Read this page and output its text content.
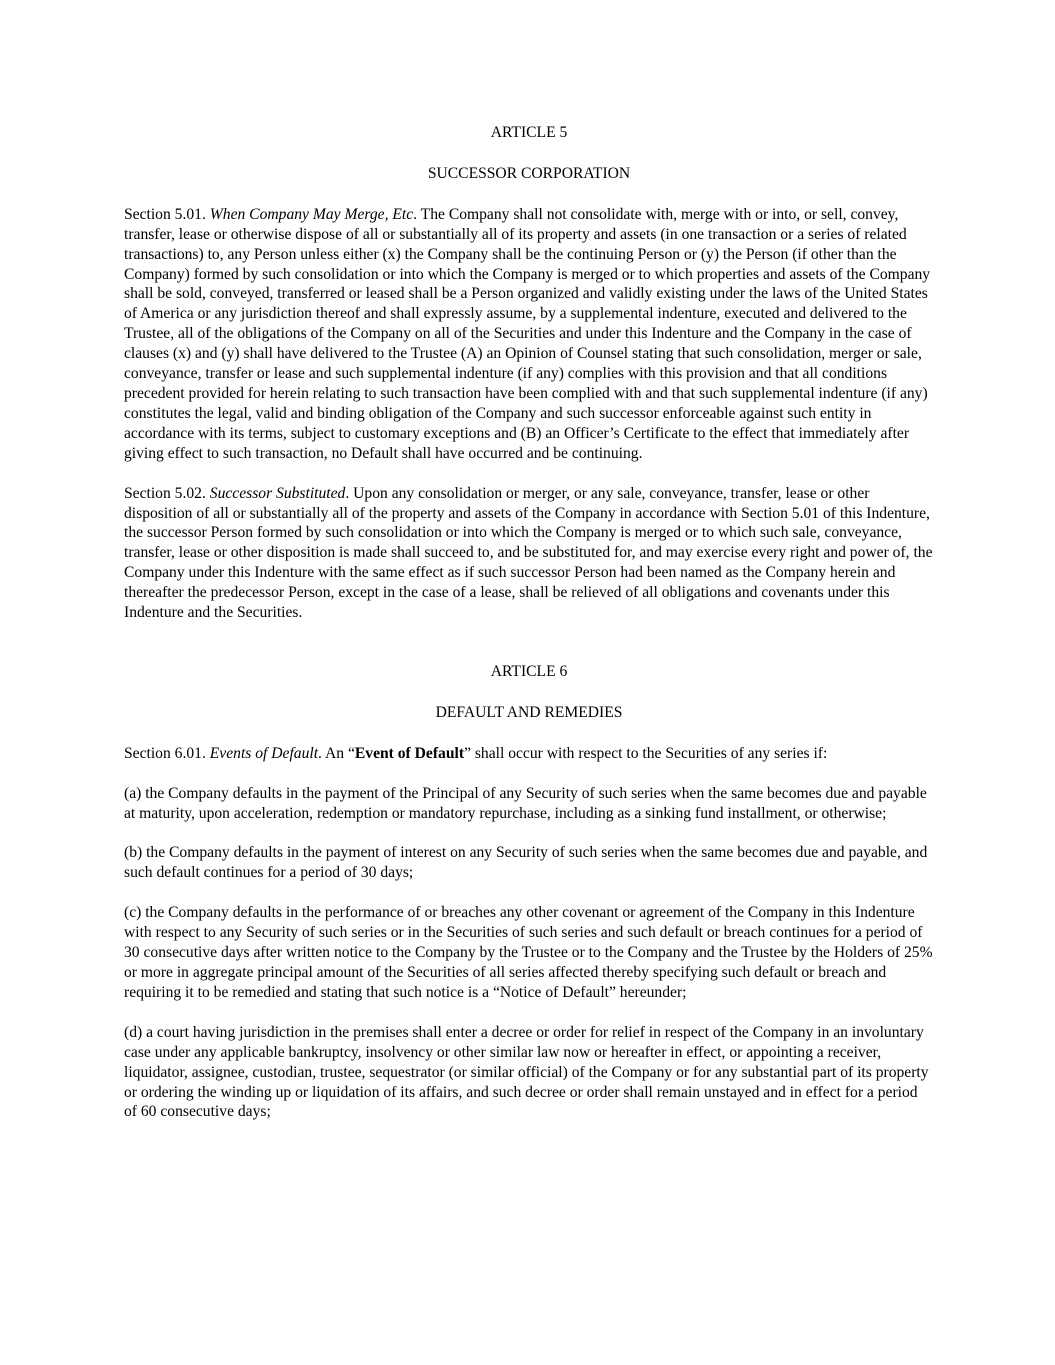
ARTICLE 5

SUCCESSOR CORPORATION

Section 5.01. When Company May Merge, Etc. The Company shall not consolidate with, merge with or into, or sell, convey, transfer, lease or otherwise dispose of all or substantially all of its property and assets (in one transaction or a series of related transactions) to, any Person unless either (x) the Company shall be the continuing Person or (y) the Person (if other than the Company) formed by such consolidation or into which the Company is merged or to which properties and assets of the Company shall be sold, conveyed, transferred or leased shall be a Person organized and validly existing under the laws of the United States of America or any jurisdiction thereof and shall expressly assume, by a supplemental indenture, executed and delivered to the Trustee, all of the obligations of the Company on all of the Securities and under this Indenture and the Company in the case of clauses (x) and (y) shall have delivered to the Trustee (A) an Opinion of Counsel stating that such consolidation, merger or sale, conveyance, transfer or lease and such supplemental indenture (if any) complies with this provision and that all conditions precedent provided for herein relating to such transaction have been complied with and that such supplemental indenture (if any) constitutes the legal, valid and binding obligation of the Company and such successor enforceable against such entity in accordance with its terms, subject to customary exceptions and (B) an Officer’s Certificate to the effect that immediately after giving effect to such transaction, no Default shall have occurred and be continuing.

Section 5.02. Successor Substituted. Upon any consolidation or merger, or any sale, conveyance, transfer, lease or other disposition of all or substantially all of the property and assets of the Company in accordance with Section 5.01 of this Indenture, the successor Person formed by such consolidation or into which the Company is merged or to which such sale, conveyance, transfer, lease or other disposition is made shall succeed to, and be substituted for, and may exercise every right and power of, the Company under this Indenture with the same effect as if such successor Person had been named as the Company herein and thereafter the predecessor Person, except in the case of a lease, shall be relieved of all obligations and covenants under this Indenture and the Securities.

ARTICLE 6

DEFAULT AND REMEDIES

Section 6.01. Events of Default. An “Event of Default” shall occur with respect to the Securities of any series if:

(a) the Company defaults in the payment of the Principal of any Security of such series when the same becomes due and payable at maturity, upon acceleration, redemption or mandatory repurchase, including as a sinking fund installment, or otherwise;

(b) the Company defaults in the payment of interest on any Security of such series when the same becomes due and payable, and such default continues for a period of 30 days;

(c) the Company defaults in the performance of or breaches any other covenant or agreement of the Company in this Indenture with respect to any Security of such series or in the Securities of such series and such default or breach continues for a period of 30 consecutive days after written notice to the Company by the Trustee or to the Company and the Trustee by the Holders of 25% or more in aggregate principal amount of the Securities of all series affected thereby specifying such default or breach and requiring it to be remedied and stating that such notice is a “Notice of Default” hereunder;

(d) a court having jurisdiction in the premises shall enter a decree or order for relief in respect of the Company in an involuntary case under any applicable bankruptcy, insolvency or other similar law now or hereafter in effect, or appointing a receiver, liquidator, assignee, custodian, trustee, sequestrator (or similar official) of the Company or for any substantial part of its property or ordering the winding up or liquidation of its affairs, and such decree or order shall remain unstayed and in effect for a period of 60 consecutive days;
